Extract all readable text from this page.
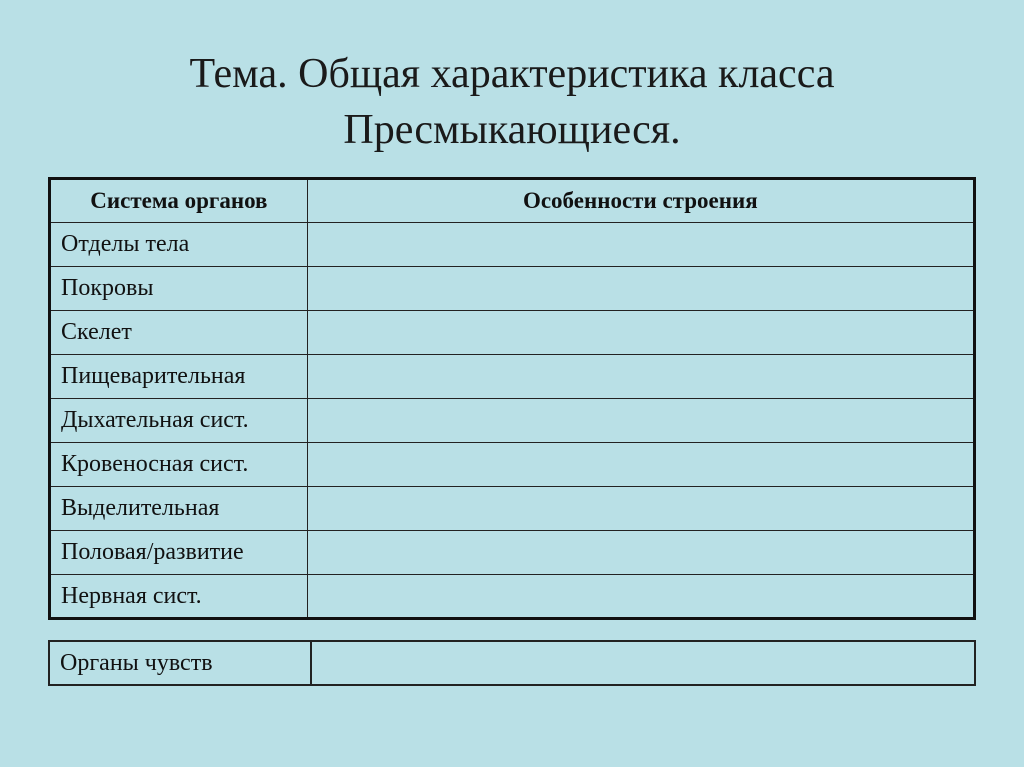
Тема. Общая характеристика класса
Пресмыкающиеся.
Система органов	Особенности строения
Отделы тела	
Покровы	
Скелет	
Пищеварительная	
Дыхательная сист.	
Кровеносная сист.	
Выделительная	
Половая/развитие	
Нервная сист.	
Органы чувств	
